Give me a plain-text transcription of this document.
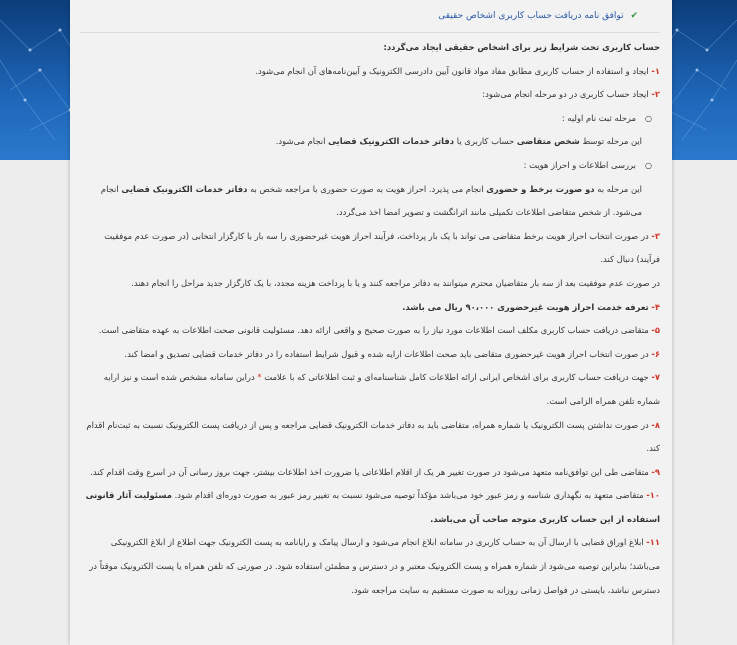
✔ توافق نامه دریافت حساب کاربری اشخاص حقیقی

حساب کاربری تحت شرایط زیر برای اشخاص حقیقی ایجاد می‌گردد:

۱- ایجاد و استفاده از حساب کاربری مطابق مفاد مواد قانون آیین دادرسی الکترونیک و آیین‌نامه‌های آن انجام می‌شود.

۲- ایجاد حساب کاربری در دو مرحله انجام می‌شود:

○
مرحله ثبت نام اولیه :

این مرحله توسط شخص متقاضی حساب کاربری یا دفاتر خدمات الکترونیک قضایی انجام می‌شود.

○
بررسی اطلاعات و احراز هویت :

این مرحله به دو صورت برخط و حضوری انجام می پذیرد. احراز هویت به صورت حضوری با مراجعه شخص به دفاتر خدمات الکترونیک قضایی انجام می‌شود. از شخص متقاضی اطلاعات تکمیلی مانند اثرانگشت و تصویر امضا اخذ می‌گردد.

۳- در صورت انتخاب احراز هویت برخط متقاضی می تواند با یک بار پرداخت، فرآیند احراز هویت غیرحضوری را سه بار با کارگزار انتخابی (در صورت عدم موفقیت فرآیند) دنبال کند.

در صورت عدم موفقیت بعد از سه بار متقاضیان محترم میتوانند به دفاتر مراجعه کنند و یا با پرداخت هزینه مجدد، با یک کارگزار جدید مراحل را انجام دهند.

۴- تعرفه خدمت احراز هویت غیرحضوری ۹۰،۰۰۰ ریال می باشد.

۵- متقاضی دریافت حساب کاربری مکلف است اطلاعات مورد نیاز را به صورت صحیح و واقعی ارائه دهد. مسئولیت قانونی صحت اطلاعات به عهده متقاضی است.

۶- در صورت انتخاب احراز هویت غیرحضوری متقاضی باید صحت اطلاعات ارایه شده و قبول شرایط استفاده را در دفاتر خدمات قضایی تصدیق و امضا کند.

۷- جهت دریافت حساب کاربری برای اشخاص ایرانی ارائه اطلاعات کامل شناسنامه‌ای و ثبت اطلاعاتی که با علامت * دراین سامانه مشخص شده است و نیز ارایه شماره تلفن همراه الزامی است.

۸- در صورت نداشتن پست الکترونیک یا شماره همراه، متقاضی باید به دفاتر خدمات الکترونیک قضایی مراجعه و پس از دریافت پست الکترونیک نسبت به ثبت‌نام اقدام کند.

۹- متقاضی طی این توافق‌نامه متعهد می‌شود در صورت تغییر هر یک از اقلام اطلاعاتی یا ضرورت اخذ اطلاعات بیشتر، جهت بروز رسانی آن در اسرع وقت اقدام کند.

۱۰- متقاضی متعهد به نگهداری شناسه و رمز عبور خود می‌باشد مؤکداً توصیه می‌شود نسبت به تغییر رمز عبور به صورت دوره‌ای اقدام شود. مسئولیت آثار قانونی استفاده از این حساب کاربری متوجه صاحب آن می‌باشد.

۱۱- ابلاغ اوراق قضایی با ارسال آن به حساب کاربری در سامانه ابلاغ انجام می‌شود و ارسال پیامک و رایانامه به پست الکترونیک جهت اطلاع از ابلاغ الکترونیکی می‌باشد؛ بنابراین توصیه می‌شود از شماره همراه و پست الکترونیک معتبر و در دسترس و مطمئن استفاده شود. در صورتی که تلفن همراه یا پست الکترونیک موقتاً در دسترس نباشد، بایستی در فواصل زمانی روزانه به صورت مستقیم به سایت مراجعه شود.
